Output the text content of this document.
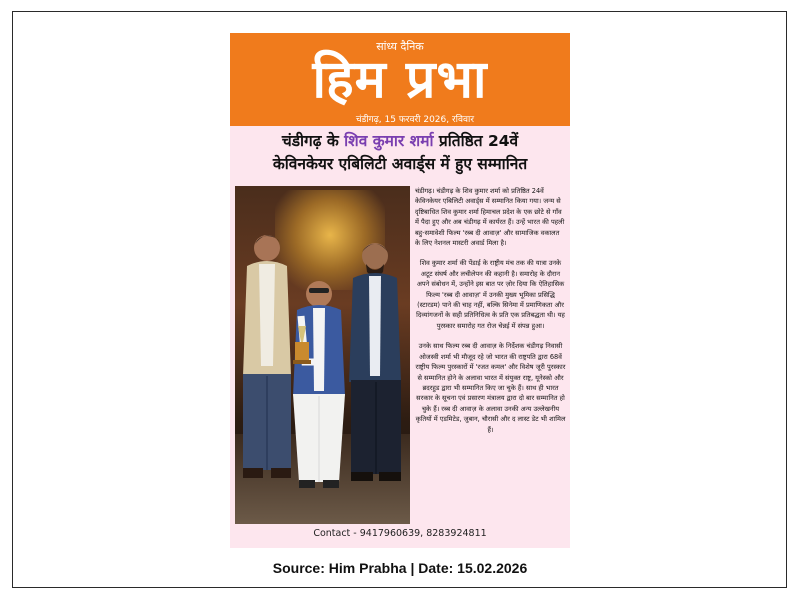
सांध्य दैनिक
हिम प्रभा
चंडीगढ़, 15 फरवरी 2026, रविवार
चंडीगढ़ के शिव कुमार शर्मा प्रतिष्ठित 24वें
केविनकेयर एबिलिटी अवार्ड्स में हुए सम्मानित

चंडीगढ़। चंडीगढ़ के शिव कुमार शर्मा को प्रतिष्ठित 24वें केविनकेयर एबिलिटी अवार्ड्स में सम्मानित किया गया। जन्म से दृष्टिबाधित शिव कुमार शर्मा हिमाचल प्रदेश के एक छोटे से गाँव में पैदा हुए और अब चंडीगढ़ में कार्यरत हैं। उन्हें भारत की पहली बहु-समावेशी फिल्म 'रब्ब दी आवाज़' और सामाजिक वकालत के लिए नेशनल मास्टरी अवार्ड मिला है।

शिव कुमार शर्मा की पेंडाई के राष्ट्रीय मंच तक की यात्रा उनके अटूट संघर्ष और लचीलेपन की कहानी है। समारोह के दौरान अपने संबोधन में, उन्होंने इस बात पर ज़ोर दिया कि ऐतिहासिक फिल्म 'रब्ब दी आवाज़' में उनकी मुख्य भूमिका प्रसिद्धि (स्टारडम) पाने की चाह नहीं, बल्कि सिनेमा में प्रमाणिकता और दिव्यांगजनों के सही प्रतिनिधित्व के प्रति एक प्रतिबद्धता थी। यह पुरस्कार समारोह गत रोज चेन्नई में संपन्न हुआ।

उनके साथ फिल्म रब्ब दी आवाज़ के निर्देशक चंडीगढ़ निवासी ओजस्वी शर्मा भी मौजूद रहे जो भारत की राष्ट्रपति द्वारा 68वें राष्ट्रीय फिल्म पुरस्कारों में 'रजत कमल' और विशेष जूरी पुरस्कार से सम्मानित होने के अलावा भारत में संयुक्त राष्ट्र, यूनेस्को और ब्रदरहुड द्वारा भी सम्मानित किए जा चुके हैं। साथ ही भारत सरकार के सूचना एवं प्रसारण मंत्रालय द्वारा दो बार सम्मानित हो चुके हैं। रब्ब दी आवाज़ के अलावा उनकी अन्य उल्लेखनीय कृतियों में एडमिटेड, जुबान, चौरासी और द लास्ट डेट भी शामिल हैं।

Contact - 9417960639, 8283924811
Source: Him Prabha | Date: 15.02.2026
